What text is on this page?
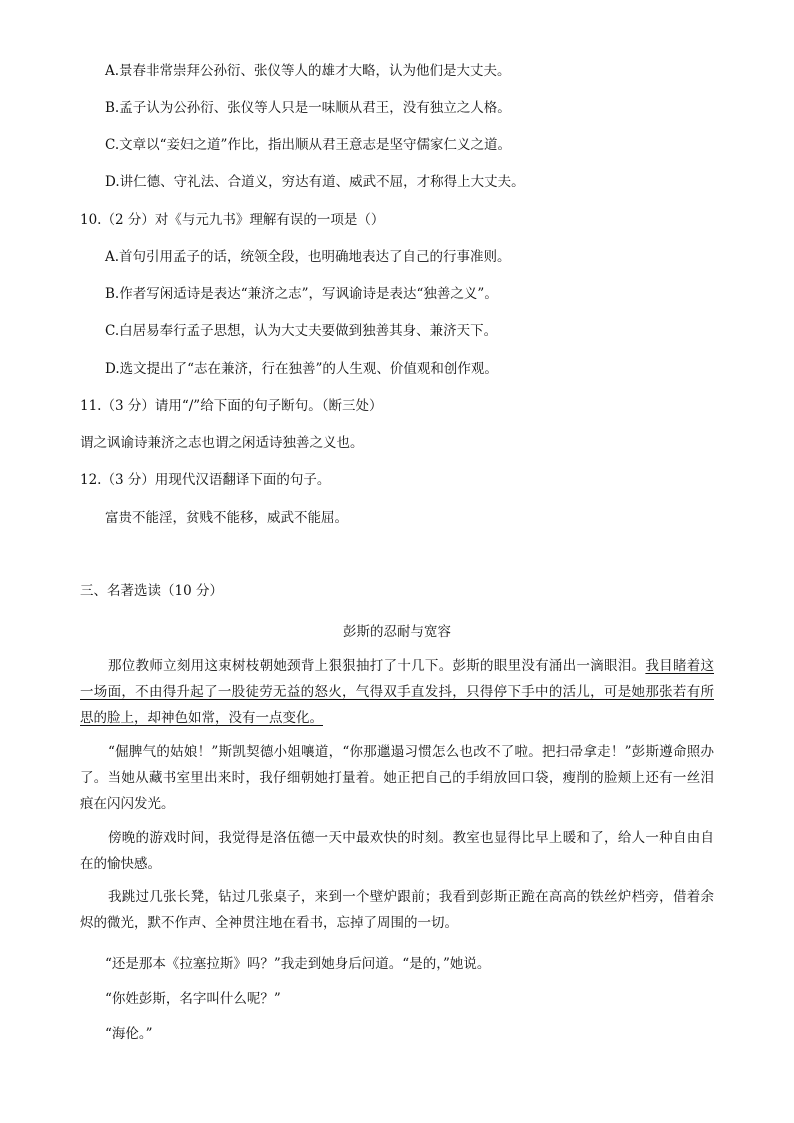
A.景春非常崇拜公孙衍、张仪等人的雄才大略，认为他们是大丈夫。
B.孟子认为公孙衍、张仪等人只是一味顺从君王，没有独立之人格。
C.文章以“妾妇之道”作比，指出顺从君王意志是坚守儒家仁义之道。
D.讲仁德、守礼法、合道义，穷达有道、威武不屈，才称得上大丈夫。
10.（2 分）对《与元九书》理解有误的一项是（）
A.首句引用孟子的话，统领全段，也明确地表达了自己的行事准则。
B.作者写闲适诗是表达“兼济之志”，写讽谕诗是表达“独善之义”。
C.白居易奉行孟子思想，认为大丈夫要做到独善其身、兼济天下。
D.选文提出了“志在兼济，行在独善”的人生观、价值观和创作观。
11.（3 分）请用“/”给下面的句子断句。（断三处）
谓之讽谕诗兼济之志也谓之闲适诗独善之义也。
12.（3 分）用现代汉语翻译下面的句子。
富贵不能淫，贫贱不能移，威武不能屈。
三、名著选读（10 分）
彭斯的忍耐与宽容
那位教师立刻用这束树枝朝她颈背上狠狠抽打了十几下。彭斯的眼里没有涌出一滴眼泪。我目睹着这一场面，不由得升起了一股徒劳无益的怒火，气得双手直发抖，只得停下手中的活儿，可是她那张若有所思的脸上，却神色如常，没有一点变化。
“倔脾气的姑娘！”斯凯契德小姐嚷道，“你那邋遢习惯怎么也改不了啦。把扫帚拿走！”彭斯遵命照办了。当她从藏书室里出来时，我仔细朝她打量着。她正把自己的手绢放回口袋，瘦削的脸颊上还有一丝泪痕在闪闪发光。
傍晚的游戏时间，我觉得是洛伍德一天中最欢快的时刻。教室也显得比早上暖和了，给人一种自由自在的愉快感。
我跳过几张长凳，钻过几张桌子，来到一个壁炉跟前；我看到彭斯正跪在高高的铁丝炉档旁，借着余烬的微光，默不作声、全神贯注地在看书，忘掉了周围的一切。
“还是那本《拉塞拉斯》吗？”我走到她身后问道。“是的，”她说。
“你姓彭斯，名字叫什么呢？”
“海伦。”
